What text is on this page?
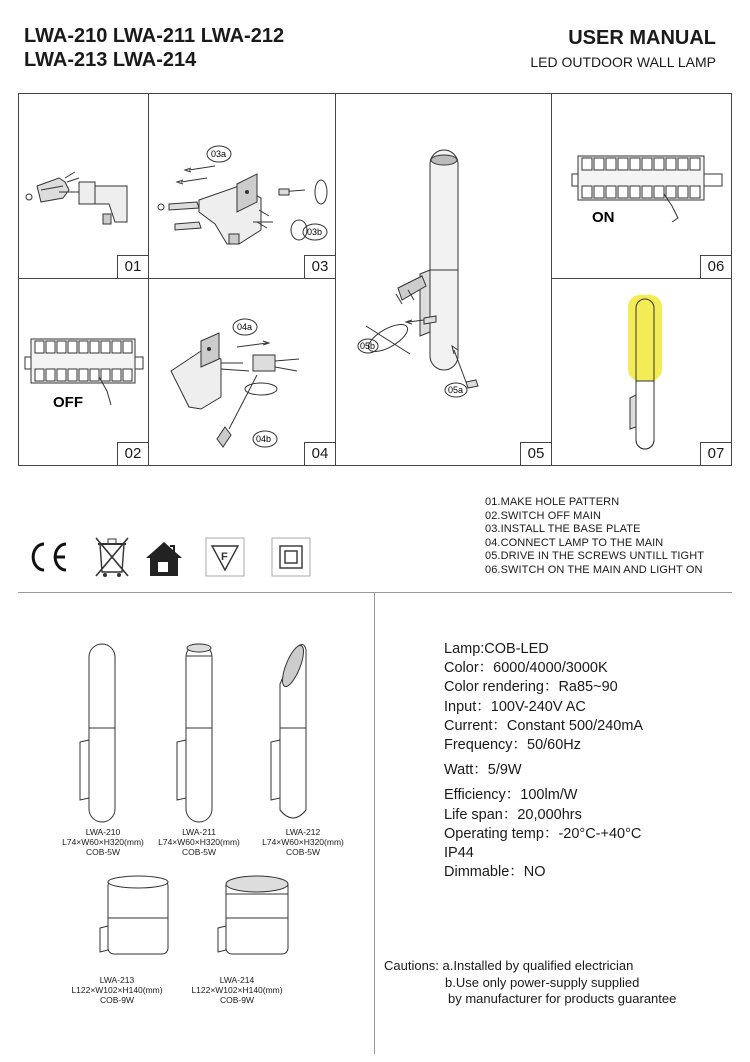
LWA-210 LWA-211 LWA-212
LWA-213 LWA-214
USER MANUAL
LED OUTDOOR WALL LAMP
01
03a
03b
03
05b
05a
05
ON
06
OFF
02
04a
04b
04	07
01.MAKE HOLE PATTERN
02.SWITCH OFF MAIN
03.INSTALL THE BASE PLATE
04.CONNECT LAMP TO THE MAIN
05.DRIVE IN THE SCREWS UNTILL TIGHT
06.SWITCH ON THE MAIN AND LIGHT ON
F
LWA-210
L74×W60×H320(mm)
COB-5W
LWA-211
L74×W60×H320(mm)
COB-5W
LWA-212
L74×W60×H320(mm)
COB-5W
LWA-213
L122×W102×H140(mm)
COB-9W
LWA-214
L122×W102×H140(mm)
COB-9W
Lamp:COB-LED
Color：6000/4000/3000K
Color rendering：Ra85~90
Input：100V-240V AC
Current：Constant 500/240mA
Frequency：50/60Hz
Watt：5/9W
Efficiency：100lm/W
Life span：20,000hrs
Operating temp：-20°C-+40°C
IP44
Dimmable：NO
Cautions: a.Installed by qualified electrician
b.Use only power-supply supplied
by manufacturer for products guarantee
